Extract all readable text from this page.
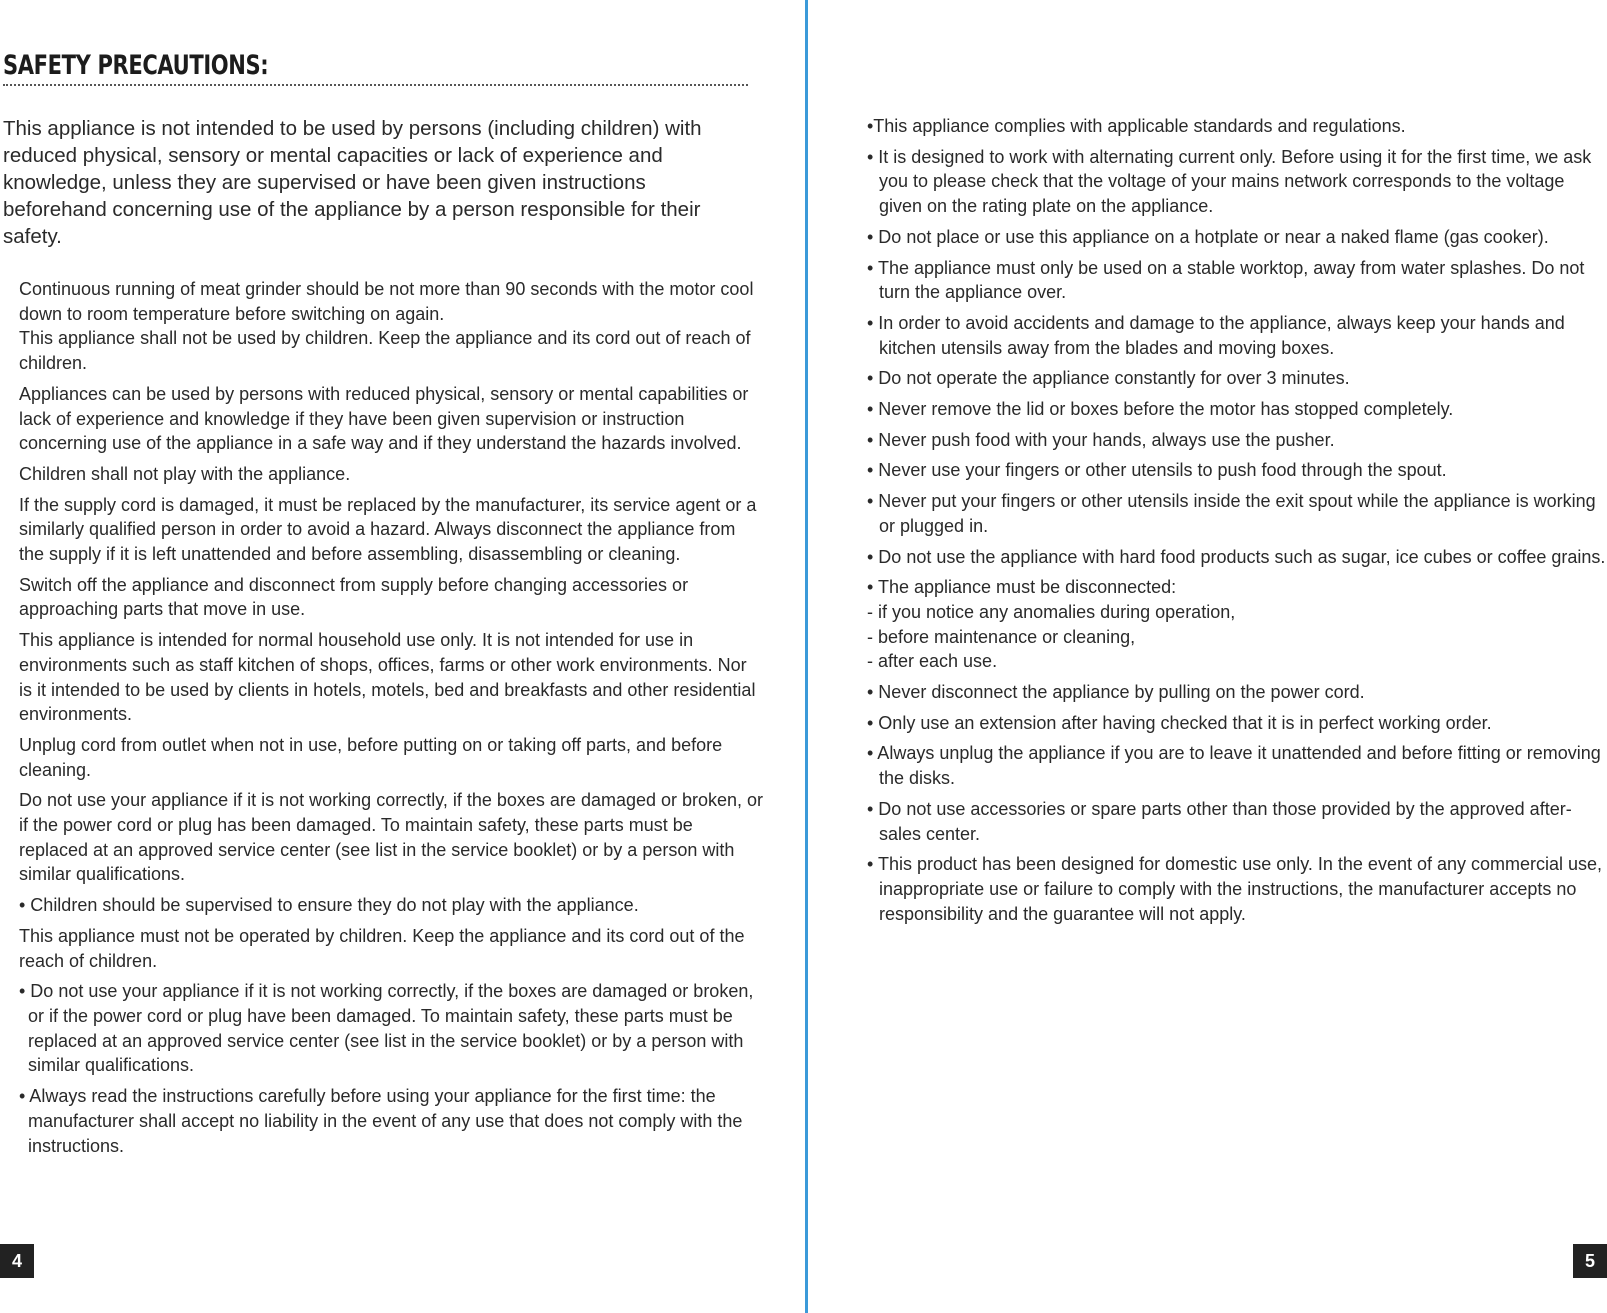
SAFETY PRECAUTIONS:
This appliance is not intended to be used by persons (including children) with reduced physical, sensory or mental capacities or lack of experience and knowledge, unless they are supervised or have been given instructions beforehand concerning use of the appliance by a person responsible for their safety.

Continuous running of meat grinder should be not more than 90 seconds with the motor cool down to room temperature before switching on again.

This appliance shall not be used by children. Keep the appliance and its cord out of reach of children.

Appliances can be used by persons with reduced physical, sensory or mental capabilities or lack of experience and knowledge if they have been given supervision or instruction concerning use of the appliance in a safe way and if they understand the hazards involved.

Children shall not play with the appliance.

If the supply cord is damaged, it must be replaced by the manufacturer, its service agent or a similarly qualified person in order to avoid a hazard. Always disconnect the appliance from the supply if it is left unattended and before assembling, disassembling or cleaning.

Switch off the appliance and disconnect from supply before changing accessories or approaching parts that move in use.

This appliance is intended for normal household use only. It is not intended for use in environments such as staff kitchen of shops, offices, farms or other work environments. Nor is it intended to be used by clients in hotels, motels, bed and breakfasts and other residential environments.

Unplug cord from outlet when not in use, before putting on or taking off parts, and before cleaning.

Do not use your appliance if it is not working correctly, if the boxes are damaged or broken, or if the power cord or plug has been damaged. To maintain safety, these parts must be replaced at an approved service center (see list in the service booklet) or by a person with similar qualifications.

• Children should be supervised to ensure they do not play with the appliance.

This appliance must not be operated by children. Keep the appliance and its cord out of the reach of children.

• Do not use your appliance if it is not working correctly, if the boxes are damaged or broken, or if the power cord or plug have been damaged. To maintain safety, these parts must be replaced at an approved service center (see list in the service booklet) or by a person with similar qualifications.

• Always read the instructions carefully before using your appliance for the first time: the manufacturer shall accept no liability in the event of any use that does not comply with the instructions.

4

•This appliance complies with applicable standards and regulations.

• It is designed to work with alternating current only. Before using it for the first time, we ask you to please check that the voltage of your mains network corresponds to the voltage given on the rating plate on the appliance.

• Do not place or use this appliance on a hotplate or near a naked flame (gas cooker).

• The appliance must only be used on a stable worktop, away from water splashes. Do not turn the appliance over.

• In order to avoid accidents and damage to the appliance, always keep your hands and kitchen utensils away from the blades and moving boxes.

• Do not operate the appliance constantly for over 3 minutes.

• Never remove the lid or boxes before the motor has stopped completely.

• Never push food with your hands, always use the pusher.

• Never use your fingers or other utensils to push food through the spout.

• Never put your fingers or other utensils inside the exit spout while the appliance is working or plugged in.

• Do not use the appliance with hard food products such as sugar, ice cubes or coffee grains.

• The appliance must be disconnected:

- if you notice any anomalies during operation,

- before maintenance or cleaning,

- after each use.

• Never disconnect the appliance by pulling on the power cord.

• Only use an extension after having checked that it is in perfect working order.

• Always unplug the appliance if you are to leave it unattended and before fitting or removing the disks.

• Do not use accessories or spare parts other than those provided by the approved after-sales center.

• This product has been designed for domestic use only. In the event of any commercial use, inappropriate use or failure to comply with the instructions, the manufacturer accepts no responsibility and the guarantee will not apply.

5
